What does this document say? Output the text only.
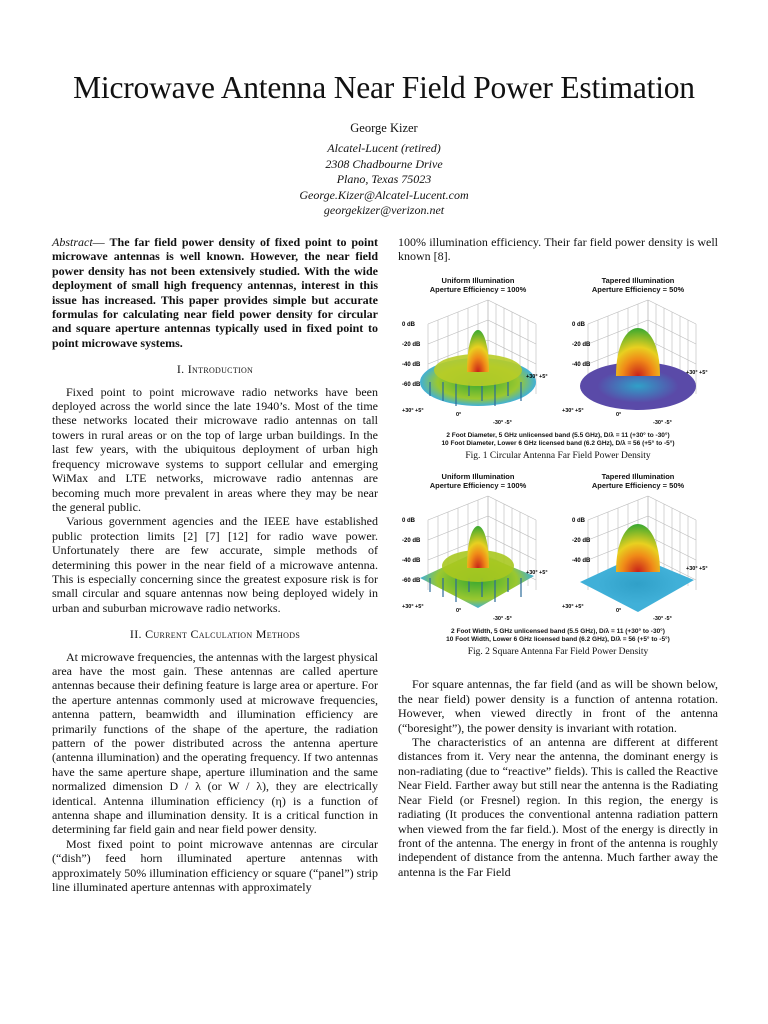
Microwave Antenna Near Field Power Estimation
George Kizer
Alcatel-Lucent (retired)
2308 Chadbourne Drive
Plano, Texas 75023
George.Kizer@Alcatel-Lucent.com
georgekizer@verizon.net

Abstract— The far field power density of fixed point to point microwave antennas is well known. However, the near field power density has not been extensively studied. With the wide deployment of small high frequency antennas, interest in this issue has increased. This paper provides simple but accurate formulas for calculating near field power density for circular and square aperture antennas typically used in fixed point to point microwave systems.

I. Introduction

Fixed point to point microwave radio networks have been deployed across the world since the late 1940’s. Most of the time these networks located their microwave radio antennas on tall towers in rural areas or on the top of large urban buildings. In the last few years, with the ubiquitous deployment of urban high frequency microwave systems to support cellular and emerging WiMax and LTE networks, microwave radio antennas are becoming much more prevalent in areas where they may be near the general public.

Various government agencies and the IEEE have established public protection limits [2] [7] [12] for radio wave power. Unfortunately there are few accurate, simple methods of determining this power in the near field of a microwave antenna. This is especially concerning since the greatest exposure risk is for small circular and square antennas now being deployed widely in urban and suburban microwave radio networks.

II. Current Calculation Methods

At microwave frequencies, the antennas with the largest physical area have the most gain. These antennas are called aperture antennas because their defining feature is large area or aperture. For the aperture antennas commonly used at microwave frequencies, antenna pattern, beamwidth and illumination efficiency are primarily functions of the shape of the aperture, the radiation pattern of the power distributed across the antenna aperture (antenna illumination) and the operating frequency. If two antennas have the same aperture shape, aperture illumination and the same normalized dimension D / λ (or W / λ), they are electrically identical. Antenna illumination efficiency (η) is a function of antenna shape and illumination density. It is a critical function in determining far field gain and near field power density.

Most fixed point to point microwave antennas are circular (“dish”) feed horn illuminated aperture antennas with approximately 50% illumination efficiency or square (“panel”) strip line illuminated aperture antennas with approximately

100% illumination efficiency. Their far field power density is well known [8].

Uniform Illumination
Aperture Efficiency = 100%
0 dB
-20 dB
-40 dB
-60 dB
+30° +5°
+30° +5°
0°
-30° -5°
Tapered Illumination
Aperture Efficiency = 50%
0 dB
-20 dB
-40 dB
+30° +5°
+30° +5°
0°
-30° -5°
2 Foot Diameter, 5 GHz unlicensed band (5.5 GHz), D/λ = 11 (+30° to -30°)
10 Foot Diameter, Lower 6 GHz licensed band (6.2 GHz), D/λ = 56 (+5° to -5°)
Fig. 1 Circular Antenna Far Field Power Density
Uniform Illumination
Aperture Efficiency = 100%
0 dB
-20 dB
-40 dB
-60 dB
+30° +5°
+30° +5°
0°
-30° -5°
Tapered Illumination
Aperture Efficiency = 50%
0 dB
-20 dB
-40 dB
+30° +5°
+30° +5°
0°
-30° -5°
2 Foot Width, 5 GHz unlicensed band (5.5 GHz), D/λ = 11 (+30° to -30°)
10 Foot Width, Lower 6 GHz licensed band (6.2 GHz), D/λ = 56 (+5° to -5°)
Fig. 2 Square Antenna Far Field Power Density

For square antennas, the far field (and as will be shown below, the near field) power density is a function of antenna rotation. However, when viewed directly in front of the antenna (“boresight”), the power density is invariant with rotation.

The characteristics of an antenna are different at different distances from it. Very near the antenna, the dominant energy is non-radiating (due to “reactive” fields). This is called the Reactive Near Field. Farther away but still near the antenna is the Radiating Near Field (or Fresnel) region. In this region, the energy is radiating (It produces the conventional antenna radiation pattern when viewed from the far field.). Most of the energy is directly in front of the antenna. The energy in front of the antenna is roughly independent of distance from the antenna. Much farther away the antenna is the Far Field
